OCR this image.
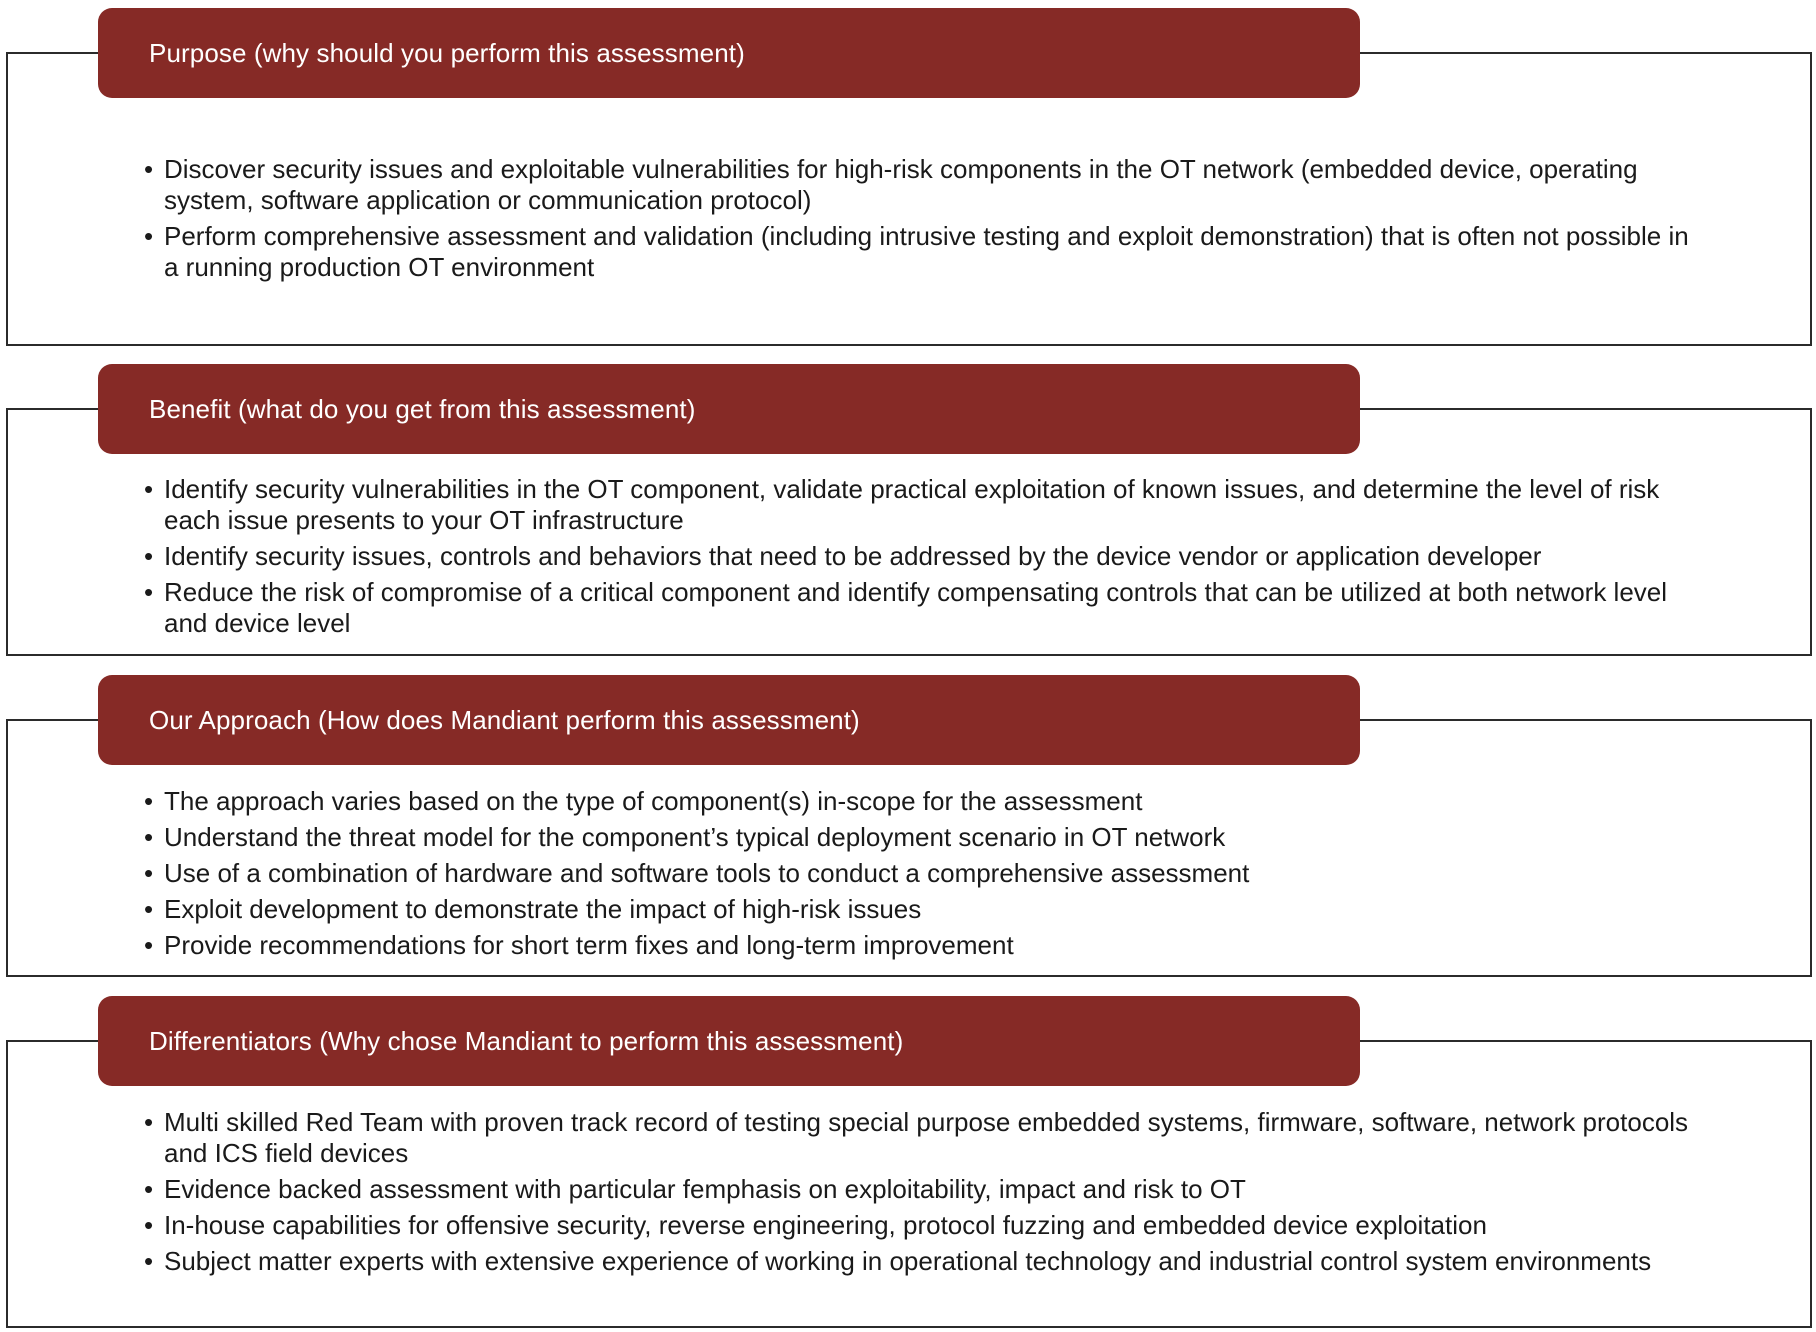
Purpose (why should you perform this assessment)
• Discover security issues and exploitable vulnerabilities for high-risk components in the OT network (embedded device, operating system, software application or communication protocol)
• Perform comprehensive assessment and validation (including intrusive testing and exploit demonstration) that is often not possible in a running production OT environment
Benefit (what do you get from this assessment)
• Identify security vulnerabilities in the OT component, validate practical exploitation of known issues, and determine the level of risk each issue presents to your OT infrastructure
• Identify security issues, controls and behaviors that need to be addressed by the device vendor or application developer
• Reduce the risk of compromise of a critical component and identify compensating controls that can be utilized at both network level and device level
Our Approach (How does Mandiant perform this assessment)
• The approach varies based on the type of component(s) in-scope for the assessment
• Understand the threat model for the component’s typical deployment scenario in OT network
• Use of a combination of hardware and software tools to conduct a comprehensive assessment
• Exploit development to demonstrate the impact of high-risk issues
• Provide recommendations for short term fixes and long-term improvement
Differentiators (Why chose Mandiant to perform this assessment)
• Multi skilled Red Team with proven track record of testing special purpose embedded systems, firmware, software, network protocols and ICS field devices
• Evidence backed assessment with particular femphasis on exploitability, impact and risk to OT
• In-house capabilities for offensive security, reverse engineering, protocol fuzzing and embedded device exploitation
• Subject matter experts with extensive experience of working in operational technology and industrial control system environments
